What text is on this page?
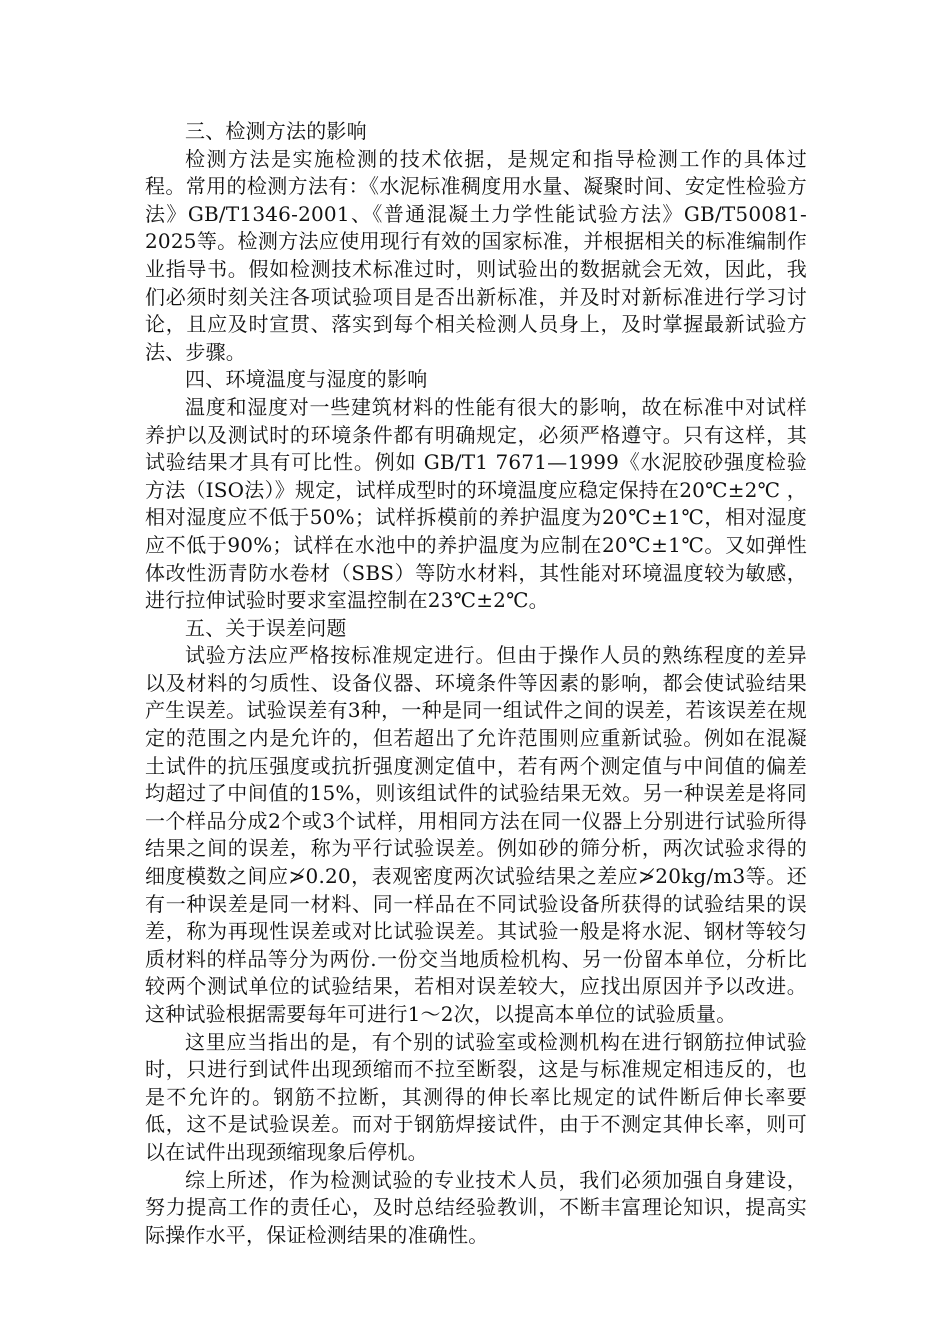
三、检测方法的影响

检测方法是实施检测的技术依据，是规定和指导检测工作的具体过程。常用的检测方法有：《水泥标准稠度用水量、凝聚时间、安定性检验方法》GB/T1346-2001、《普通混凝土力学性能试验方法》GB/T50081-2025等。检测方法应使用现行有效的国家标准，并根据相关的标准编制作业指导书。假如检测技术标准过时，则试验出的数据就会无效，因此，我们必须时刻关注各项试验项目是否出新标准，并及时对新标准进行学习讨论，且应及时宣贯、落实到每个相关检测人员身上，及时掌握最新试验方法、步骤。

四、环境温度与湿度的影响

温度和湿度对一些建筑材料的性能有很大的影响，故在标准中对试样养护以及测试时的环境条件都有明确规定，必须严格遵守。只有这样，其试验结果才具有可比性。例如 GB/T1 7671—1999《水泥胶砂强度检验方法（ISO法）》规定，试样成型时的环境温度应稳定保持在20℃±2℃ ，相对湿度应不低于50%；试样拆模前的养护温度为20℃±1℃，相对湿度应不低于90%；试样在水池中的养护温度为应制在20℃±1℃。又如弹性体改性沥青防水卷材（SBS）等防水材料，其性能对环境温度较为敏感，进行拉伸试验时要求室温控制在23℃±2℃。

五、关于误差问题

试验方法应严格按标准规定进行。但由于操作人员的熟练程度的差异以及材料的匀质性、设备仪器、环境条件等因素的影响，都会使试验结果产生误差。试验误差有3种，一种是同一组试件之间的误差，若该误差在规定的范围之内是允许的，但若超出了允许范围则应重新试验。例如在混凝土试件的抗压强度或抗折强度测定值中，若有两个测定值与中间值的偏差均超过了中间值的15%，则该组试件的试验结果无效。另一种误差是将同一个样品分成2个或3个试样，用相同方法在同一仪器上分别进行试验所得结果之间的误差，称为平行试验误差。例如砂的筛分析，两次试验求得的细度模数之间应≯0.20，表观密度两次试验结果之差应≯20kg/m3等。还有一种误差是同一材料、同一样品在不同试验设备所获得的试验结果的误差，称为再现性误差或对比试验误差。其试验一般是将水泥、钢材等较匀质材料的样品等分为两份.一份交当地质检机构、另一份留本单位，分析比较两个测试单位的试验结果，若相对误差较大，应找出原因并予以改进。这种试验根据需要每年可进行1～2次，以提高本单位的试验质量。

这里应当指出的是，有个别的试验室或检测机构在进行钢筋拉伸试验时，只进行到试件出现颈缩而不拉至断裂，这是与标准规定相违反的，也是不允许的。钢筋不拉断，其测得的伸长率比规定的试件断后伸长率要低，这不是试验误差。而对于钢筋焊接试件，由于不测定其伸长率，则可以在试件出现颈缩现象后停机。

综上所述，作为检测试验的专业技术人员，我们必须加强自身建设，努力提高工作的责任心，及时总结经验教训，不断丰富理论知识，提高实际操作水平，保证检测结果的准确性。
